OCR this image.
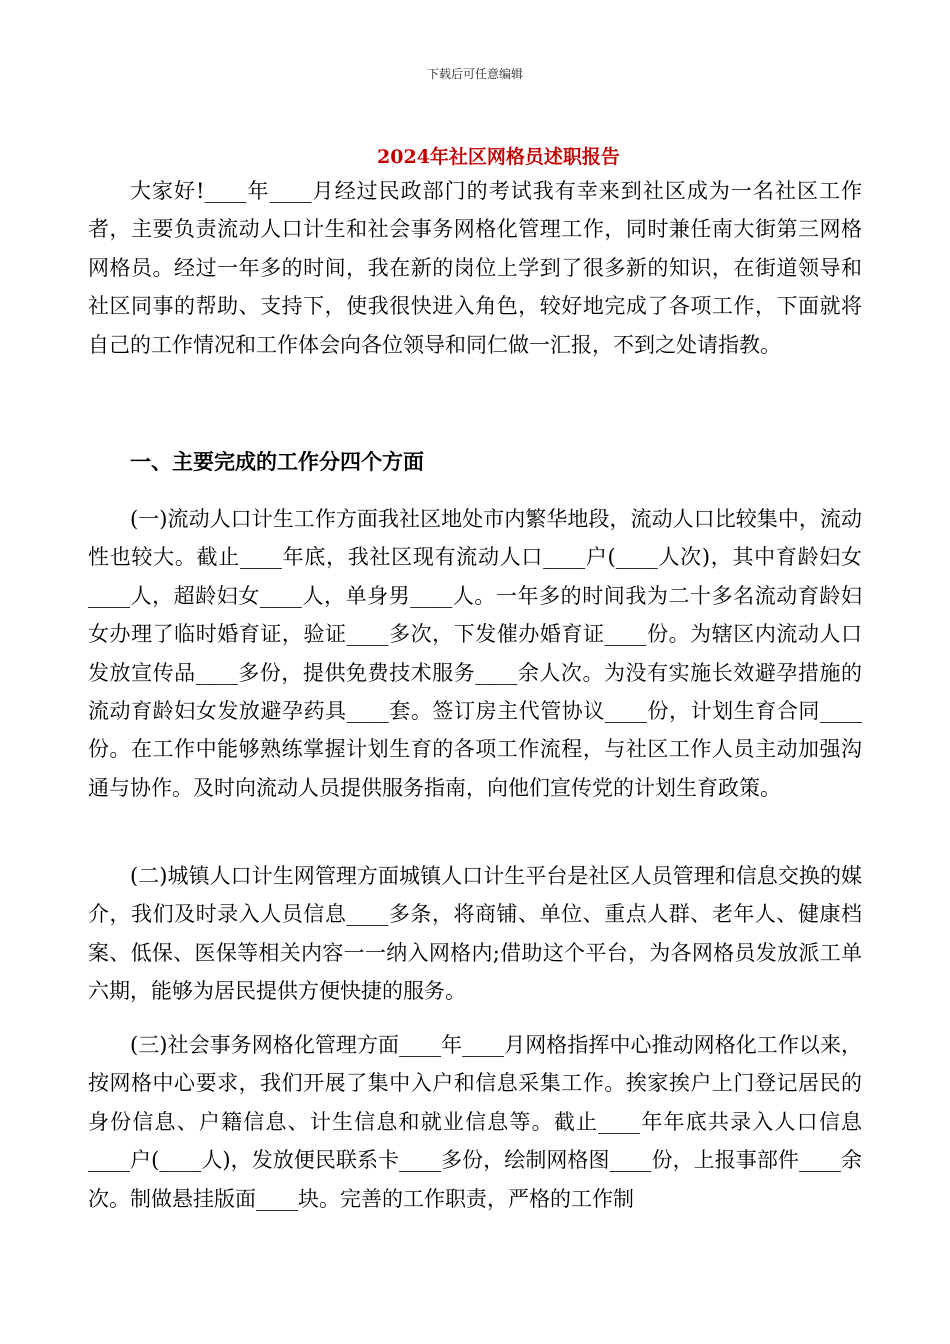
下载后可任意编辑
2024年社区网格员述职报告

大家好!____年____月经过民政部门的考试我有幸来到社区成为一名社区工作者，主要负责流动人口计生和社会事务网格化管理工作，同时兼任南大街第三网格网格员。经过一年多的时间，我在新的岗位上学到了很多新的知识，在街道领导和社区同事的帮助、支持下，使我很快进入角色，较好地完成了各项工作，下面就将自己的工作情况和工作体会向各位领导和同仁做一汇报，不到之处请指教。

一、主要完成的工作分四个方面

(一)流动人口计生工作方面我社区地处市内繁华地段，流动人口比较集中，流动性也较大。截止____年底，我社区现有流动人口____户(____人次)，其中育龄妇女____人，超龄妇女____人，单身男____人。一年多的时间我为二十多名流动育龄妇女办理了临时婚育证，验证____多次，下发催办婚育证____份。为辖区内流动人口发放宣传品____多份，提供免费技术服务____余人次。为没有实施长效避孕措施的流动育龄妇女发放避孕药具____套。签订房主代管协议____份，计划生育合同____份。在工作中能够熟练掌握计划生育的各项工作流程，与社区工作人员主动加强沟通与协作。及时向流动人员提供服务指南，向他们宣传党的计划生育政策。

(二)城镇人口计生网管理方面城镇人口计生平台是社区人员管理和信息交换的媒介，我们及时录入人员信息____多条，将商铺、单位、重点人群、老年人、健康档案、低保、医保等相关内容一一纳入网格内;借助这个平台，为各网格员发放派工单六期，能够为居民提供方便快捷的服务。

(三)社会事务网格化管理方面____年____月网格指挥中心推动网格化工作以来，按网格中心要求，我们开展了集中入户和信息采集工作。挨家挨户上门登记居民的身份信息、户籍信息、计生信息和就业信息等。截止____年年底共录入人口信息____户(____人)，发放便民联系卡____多份，绘制网格图____份，上报事部件____余次。制做悬挂版面____块。完善的工作职责，严格的工作制
